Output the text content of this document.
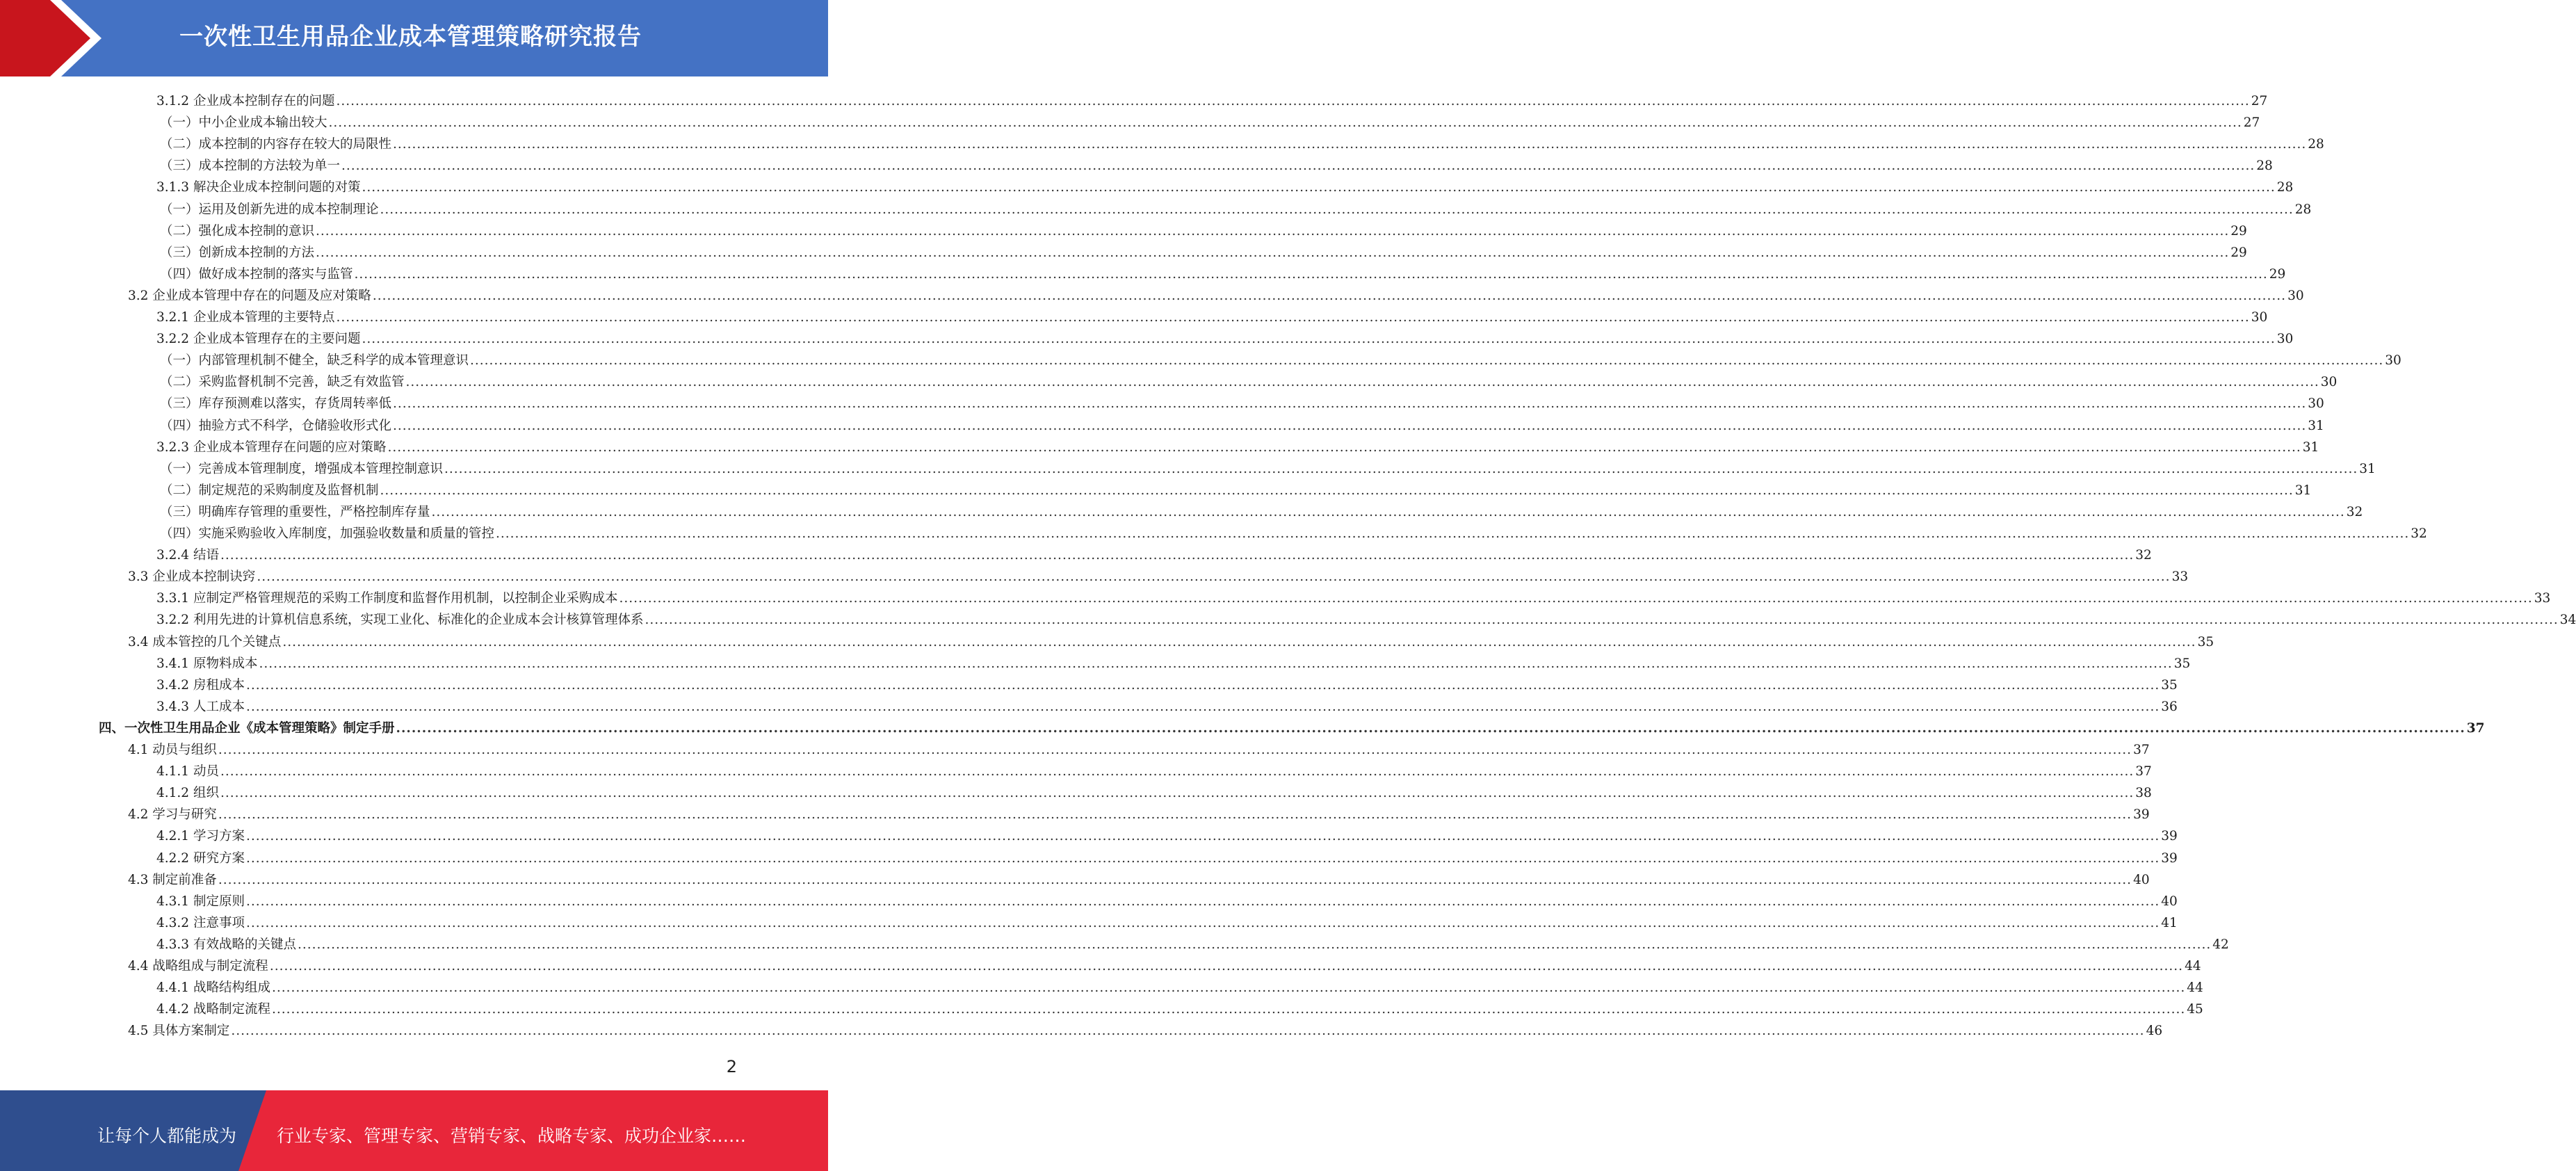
一次性卫生用品企业成本管理策略研究报告
3.1.2 企业成本控制存在的问题 ................................................................................................................................................................................................................................................................................................................................................................................................................ 27
（一）中小企业成本输出较大 ................................................................................................................................................................................................................................................................................................................................................................................................................ 27
（二）成本控制的内容存在较大的局限性 ................................................................................................................................................................................................................................................................................................................................................................................................................ 28
（三）成本控制的方法较为单一 ................................................................................................................................................................................................................................................................................................................................................................................................................ 28
3.1.3 解决企业成本控制问题的对策 ................................................................................................................................................................................................................................................................................................................................................................................................................ 28
（一）运用及创新先进的成本控制理论 ................................................................................................................................................................................................................................................................................................................................................................................................................ 28
（二）强化成本控制的意识 ................................................................................................................................................................................................................................................................................................................................................................................................................ 29
（三）创新成本控制的方法 ................................................................................................................................................................................................................................................................................................................................................................................................................ 29
（四）做好成本控制的落实与监管 ................................................................................................................................................................................................................................................................................................................................................................................................................ 29
3.2 企业成本管理中存在的问题及应对策略 ................................................................................................................................................................................................................................................................................................................................................................................................................ 30
3.2.1 企业成本管理的主要特点 ................................................................................................................................................................................................................................................................................................................................................................................................................ 30
3.2.2 企业成本管理存在的主要问题 ................................................................................................................................................................................................................................................................................................................................................................................................................ 30
（一）内部管理机制不健全，缺乏科学的成本管理意识 ................................................................................................................................................................................................................................................................................................................................................................................................................ 30
（二）采购监督机制不完善，缺乏有效监管 ................................................................................................................................................................................................................................................................................................................................................................................................................ 30
（三）库存预测难以落实，存货周转率低 ................................................................................................................................................................................................................................................................................................................................................................................................................ 30
（四）抽验方式不科学，仓储验收形式化 ................................................................................................................................................................................................................................................................................................................................................................................................................ 31
3.2.3 企业成本管理存在问题的应对策略 ................................................................................................................................................................................................................................................................................................................................................................................................................ 31
（一）完善成本管理制度，增强成本管理控制意识 ................................................................................................................................................................................................................................................................................................................................................................................................................ 31
（二）制定规范的采购制度及监督机制 ................................................................................................................................................................................................................................................................................................................................................................................................................ 31
（三）明确库存管理的重要性，严格控制库存量 ................................................................................................................................................................................................................................................................................................................................................................................................................ 32
（四）实施采购验收入库制度，加强验收数量和质量的管控 ................................................................................................................................................................................................................................................................................................................................................................................................................ 32
3.2.4 结语 ................................................................................................................................................................................................................................................................................................................................................................................................................ 32
3.3 企业成本控制诀窍 ................................................................................................................................................................................................................................................................................................................................................................................................................ 33
3.3.1 应制定严格管理规范的采购工作制度和监督作用机制，以控制企业采购成本 ................................................................................................................................................................................................................................................................................................................................................................................................................ 33
3.2.2 利用先进的计算机信息系统，实现工业化、标准化的企业成本会计核算管理体系 ................................................................................................................................................................................................................................................................................................................................................................................................................ 34
3.4 成本管控的几个关键点 ................................................................................................................................................................................................................................................................................................................................................................................................................ 35
3.4.1 原物料成本 ................................................................................................................................................................................................................................................................................................................................................................................................................ 35
3.4.2 房租成本 ................................................................................................................................................................................................................................................................................................................................................................................................................ 35
3.4.3 人工成本 ................................................................................................................................................................................................................................................................................................................................................................................................................ 36
四、一次性卫生用品企业《成本管理策略》制定手册 ................................................................................................................................................................................................................................................................................................................................................................................................................ 37
4.1 动员与组织 ................................................................................................................................................................................................................................................................................................................................................................................................................ 37
4.1.1 动员 ................................................................................................................................................................................................................................................................................................................................................................................................................ 37
4.1.2 组织 ................................................................................................................................................................................................................................................................................................................................................................................................................ 38
4.2 学习与研究 ................................................................................................................................................................................................................................................................................................................................................................................................................ 39
4.2.1 学习方案 ................................................................................................................................................................................................................................................................................................................................................................................................................ 39
4.2.2 研究方案 ................................................................................................................................................................................................................................................................................................................................................................................................................ 39
4.3 制定前准备 ................................................................................................................................................................................................................................................................................................................................................................................................................ 40
4.3.1 制定原则 ................................................................................................................................................................................................................................................................................................................................................................................................................ 40
4.3.2 注意事项 ................................................................................................................................................................................................................................................................................................................................................................................................................ 41
4.3.3 有效战略的关键点 ................................................................................................................................................................................................................................................................................................................................................................................................................ 42
4.4 战略组成与制定流程 ................................................................................................................................................................................................................................................................................................................................................................................................................ 44
4.4.1 战略结构组成 ................................................................................................................................................................................................................................................................................................................................................................................................................ 44
4.4.2 战略制定流程 ................................................................................................................................................................................................................................................................................................................................................................................................................ 45
4.5 具体方案制定 ................................................................................................................................................................................................................................................................................................................................................................................................................ 46
2
让每个人都能成为 行业专家、管理专家、营销专家、战略专家、成功企业家……
